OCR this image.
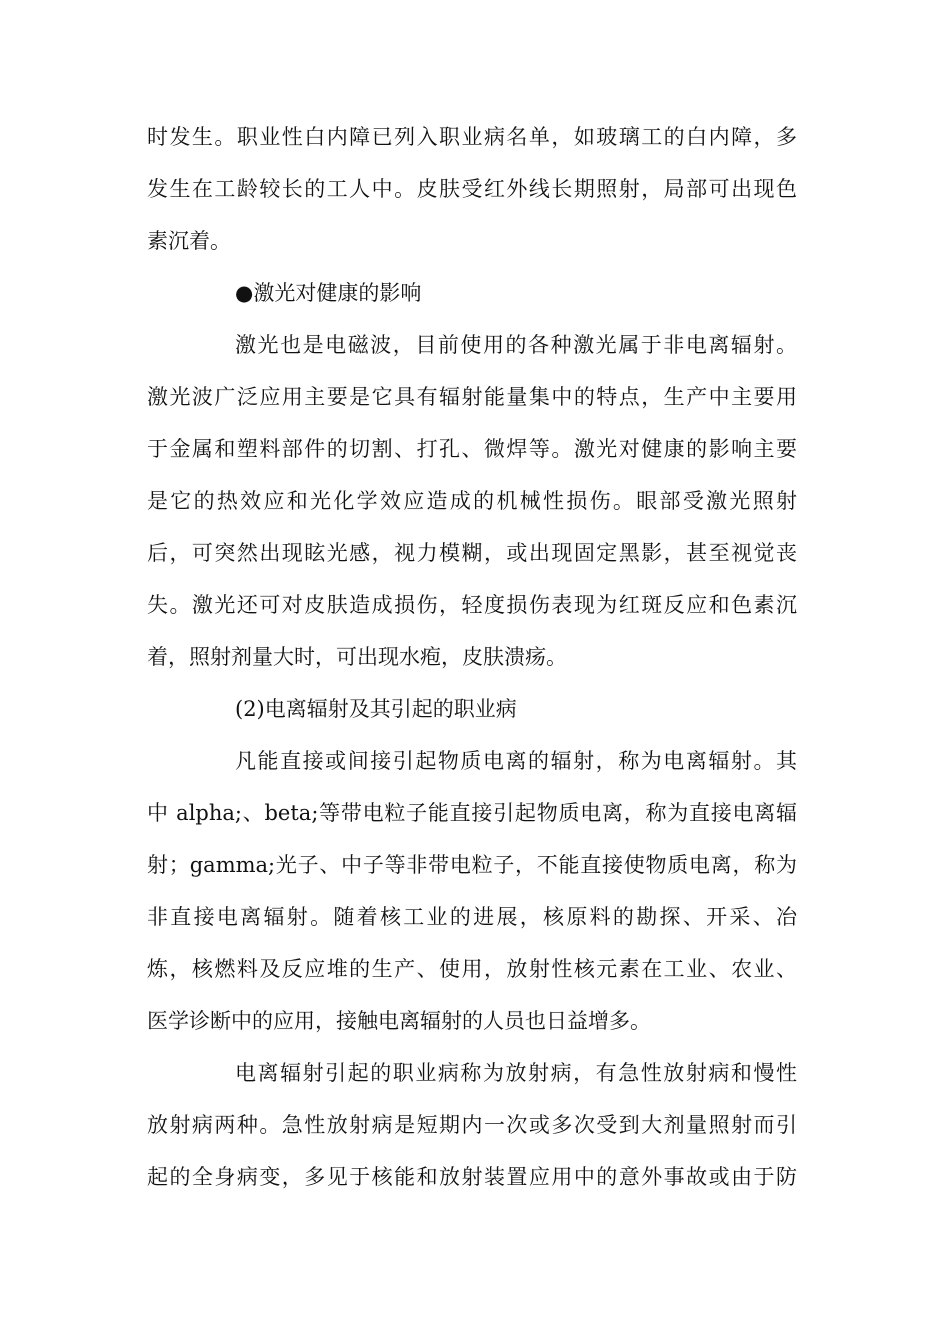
时发生。职业性白内障已列入职业病名单，如玻璃工的白内障，多
发生在工龄较长的工人中。皮肤受红外线长期照射，局部可出现色
素沉着。
●激光对健康的影响
激光也是电磁波，目前使用的各种激光属于非电离辐射。
激光波广泛应用主要是它具有辐射能量集中的特点，生产中主要用
于金属和塑料部件的切割、打孔、微焊等。激光对健康的影响主要
是它的热效应和光化学效应造成的机械性损伤。眼部受激光照射
后，可突然出现眩光感，视力模糊，或出现固定黑影，甚至视觉丧
失。激光还可对皮肤造成损伤，轻度损伤表现为红斑反应和色素沉
着，照射剂量大时，可出现水疱，皮肤溃疡。
(2)电离辐射及其引起的职业病
凡能直接或间接引起物质电离的辐射，称为电离辐射。其
中 alpha;、beta;等带电粒子能直接引起物质电离，称为直接电离辐
射；gamma;光子、中子等非带电粒子，不能直接使物质电离，称为
非直接电离辐射。随着核工业的进展，核原料的勘探、开采、冶
炼，核燃料及反应堆的生产、使用，放射性核元素在工业、农业、
医学诊断中的应用，接触电离辐射的人员也日益增多。
电离辐射引起的职业病称为放射病，有急性放射病和慢性
放射病两种。急性放射病是短期内一次或多次受到大剂量照射而引
起的全身病变，多见于核能和放射装置应用中的意外事故或由于防
